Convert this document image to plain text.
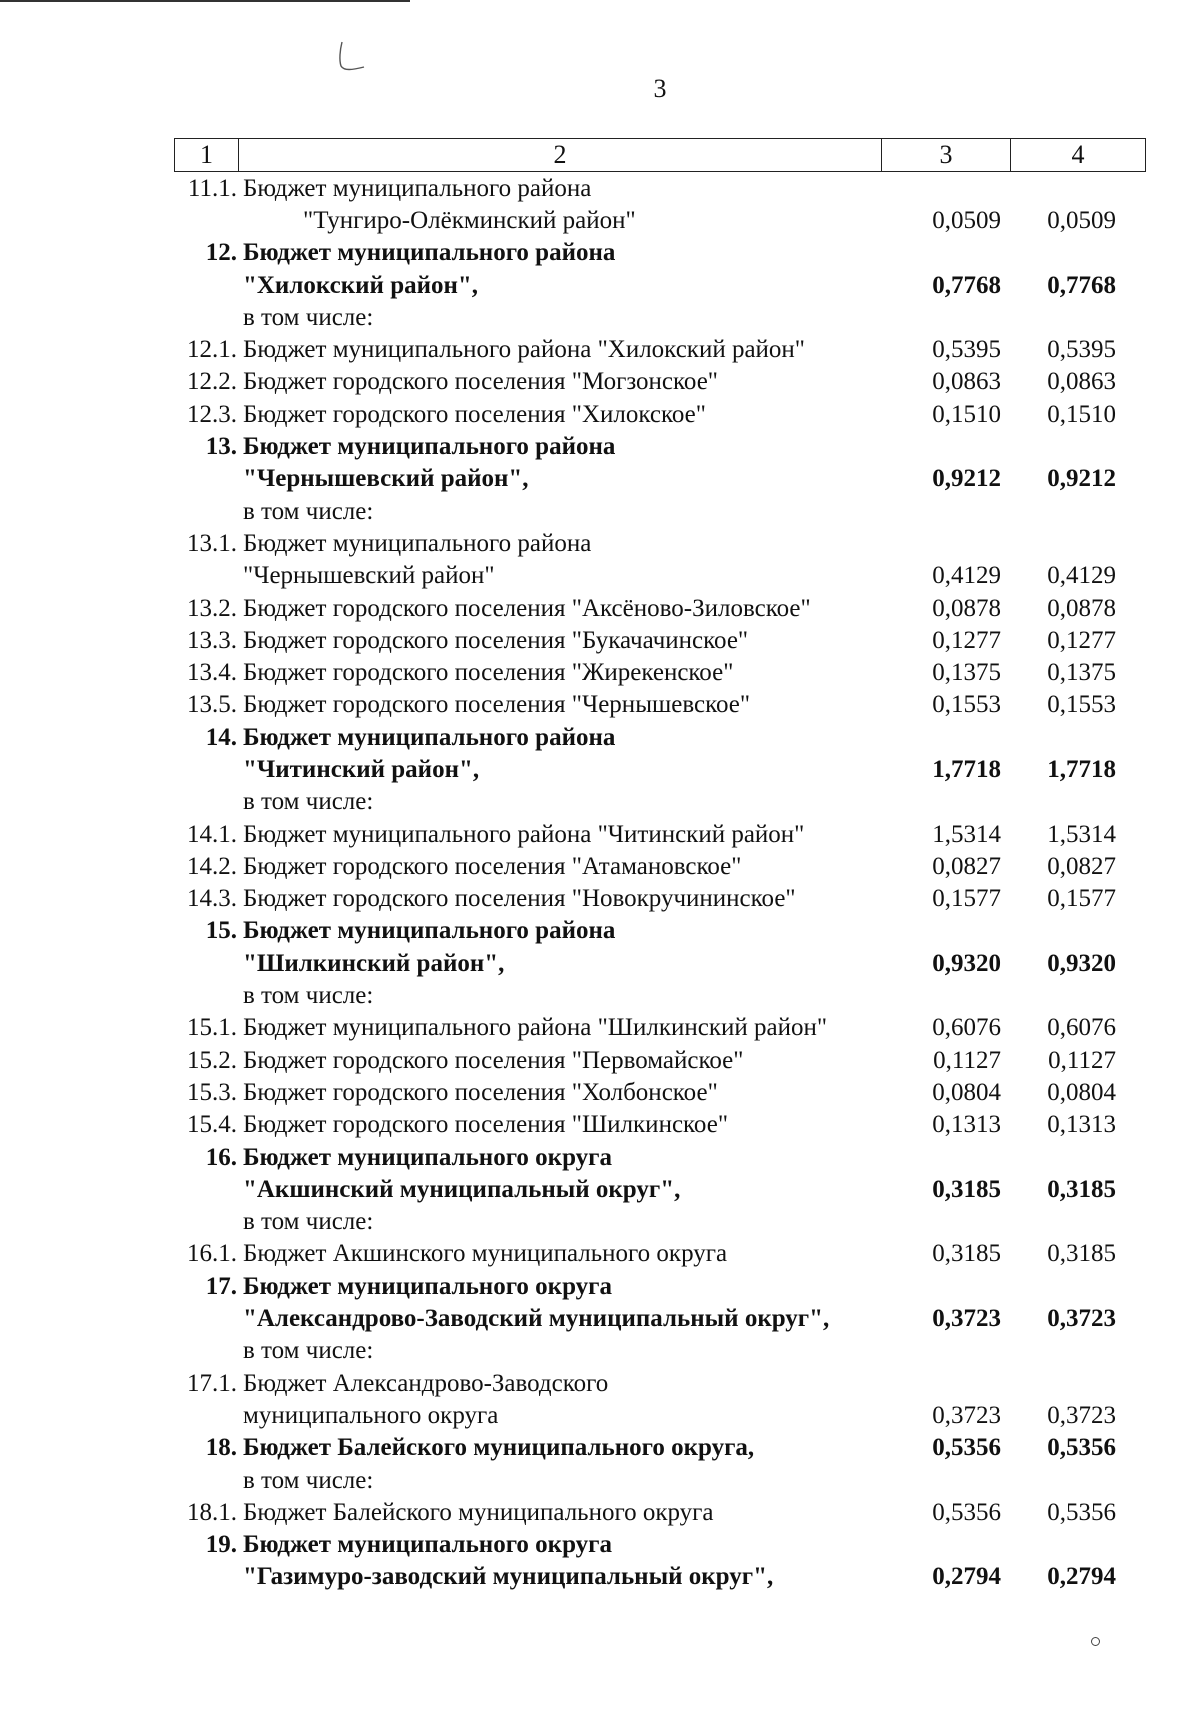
3
1	2	3	4
11.1. Бюджет муниципального района
"Тунгиро-Олёкминский район"	0,0509	0,0509
12. Бюджет муниципального района
"Хилокский район",	0,7768	0,7768
в том числе:
12.1. Бюджет муниципального района "Хилокский район"	0,5395	0,5395
12.2. Бюджет городского поселения "Могзонское"	0,0863	0,0863
12.3. Бюджет городского поселения "Хилокское"	0,1510	0,1510
13. Бюджет муниципального района
"Чернышевский район",	0,9212	0,9212
в том числе:
13.1. Бюджет муниципального района
"Чернышевский район"	0,4129	0,4129
13.2. Бюджет городского поселения "Аксёново-Зиловское"	0,0878	0,0878
13.3. Бюджет городского поселения "Букачачинское"	0,1277	0,1277
13.4. Бюджет городского поселения "Жирекенское"	0,1375	0,1375
13.5. Бюджет городского поселения "Чернышевское"	0,1553	0,1553
14. Бюджет муниципального района
"Читинский район",	1,7718	1,7718
в том числе:
14.1. Бюджет муниципального района "Читинский район"	1,5314	1,5314
14.2. Бюджет городского поселения "Атамановское"	0,0827	0,0827
14.3. Бюджет городского поселения "Новокручининское"	0,1577	0,1577
15. Бюджет муниципального района
"Шилкинский район",	0,9320	0,9320
в том числе:
15.1. Бюджет муниципального района "Шилкинский район"	0,6076	0,6076
15.2. Бюджет городского поселения "Первомайское"	0,1127	0,1127
15.3. Бюджет городского поселения "Холбонское"	0,0804	0,0804
15.4. Бюджет городского поселения "Шилкинское"	0,1313	0,1313
16. Бюджет муниципального округа
"Акшинский муниципальный округ",	0,3185	0,3185
в том числе:
16.1. Бюджет Акшинского муниципального округа	0,3185	0,3185
17. Бюджет муниципального округа
"Александрово-Заводский муниципальный округ",	0,3723	0,3723
в том числе:
17.1. Бюджет Александрово-Заводского
муниципального округа	0,3723	0,3723
18. Бюджет Балейского муниципального округа,	0,5356	0,5356
в том числе:
18.1. Бюджет Балейского муниципального округа	0,5356	0,5356
19. Бюджет муниципального округа
"Газимуро-заводский муниципальный округ",	0,2794	0,2794
